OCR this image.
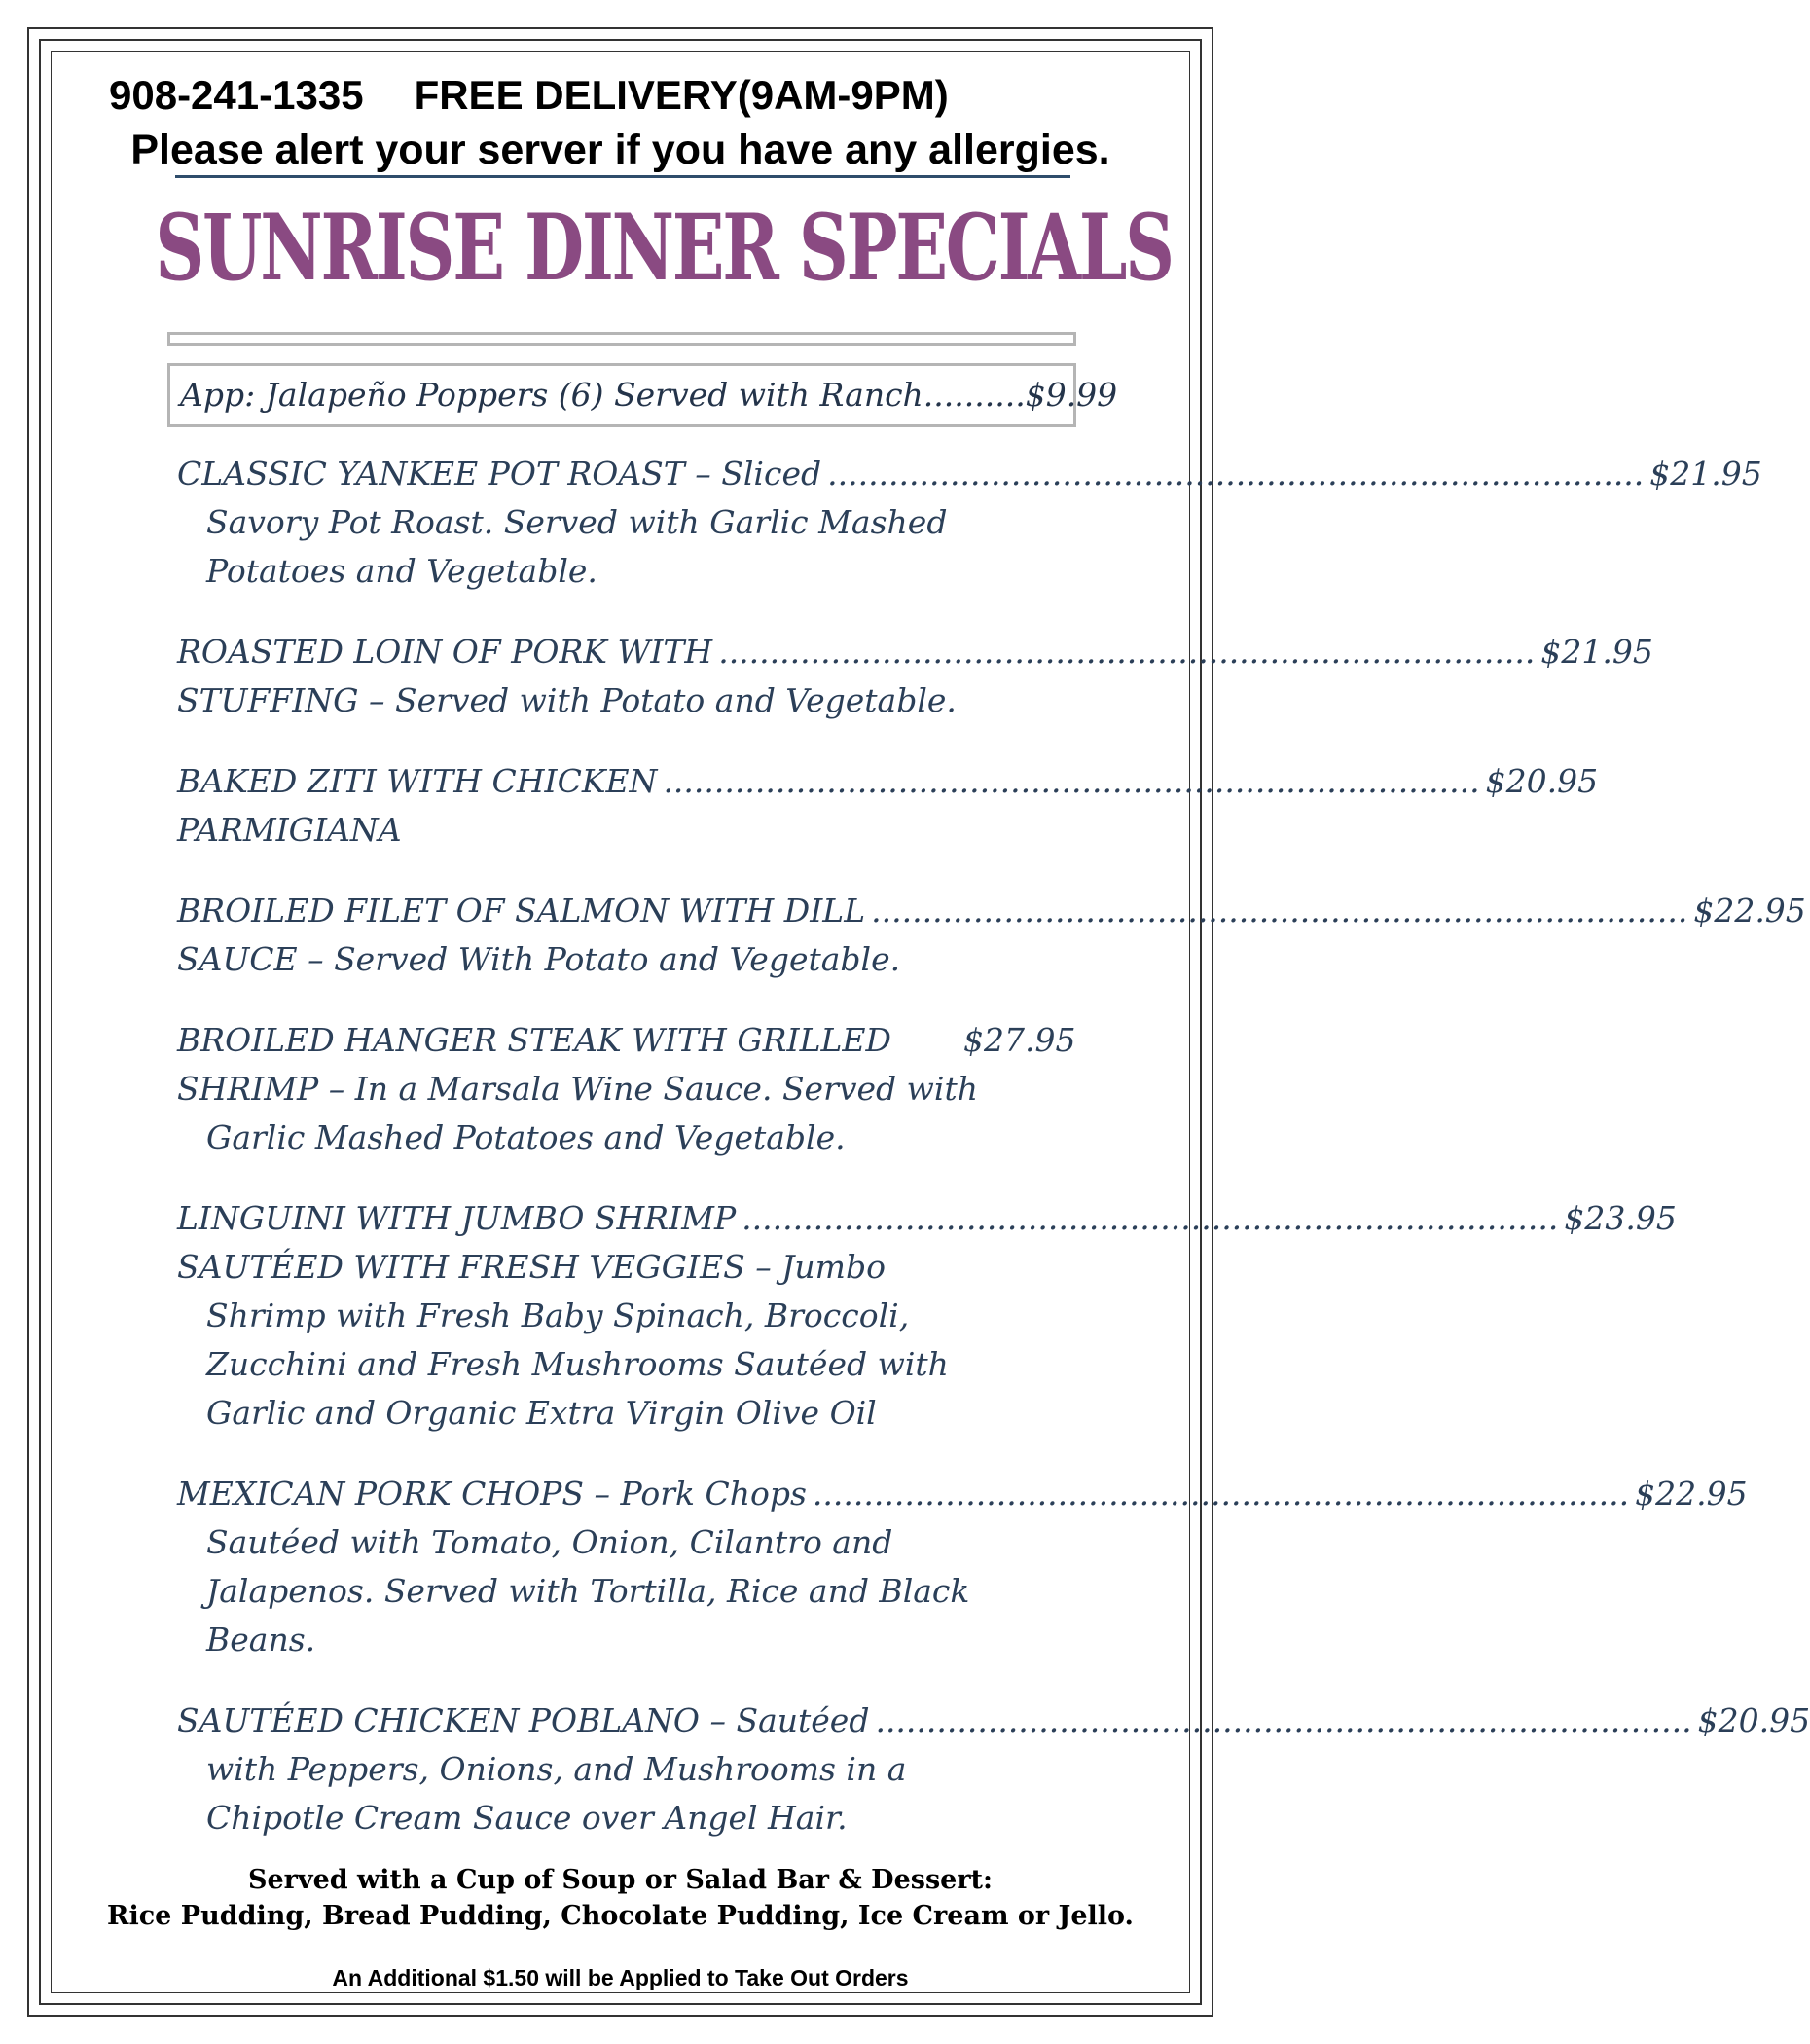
908-241-1335 FREE DELIVERY(9AM-9PM)
Please alert your server if you have any allergies.
SUNRISE DINER SPECIALS
App: Jalapeño Poppers (6) Served with Ranch..........$9.99
CLASSIC YANKEE POT ROAST – Sliced ................................................................................ $21.95
Savory Pot Roast. Served with Garlic Mashed
Potatoes and Vegetable.
ROASTED LOIN OF PORK WITH ................................................................................ $21.95
STUFFING – Served with Potato and Vegetable.
BAKED ZITI WITH CHICKEN ................................................................................ $20.95
PARMIGIANA
BROILED FILET OF SALMON WITH DILL ................................................................................ $22.95
SAUCE – Served With Potato and Vegetable.
BROILED HANGER STEAK WITH GRILLED $27.95
SHRIMP – In a Marsala Wine Sauce. Served with
Garlic Mashed Potatoes and Vegetable.
LINGUINI WITH JUMBO SHRIMP ................................................................................ $23.95
SAUTÉED WITH FRESH VEGGIES – Jumbo
Shrimp with Fresh Baby Spinach, Broccoli,
Zucchini and Fresh Mushrooms Sautéed with
Garlic and Organic Extra Virgin Olive Oil
MEXICAN PORK CHOPS – Pork Chops ................................................................................ $22.95
Sautéed with Tomato, Onion, Cilantro and
Jalapenos. Served with Tortilla, Rice and Black
Beans.
SAUTÉED CHICKEN POBLANO – Sautéed ................................................................................ $20.95
with Peppers, Onions, and Mushrooms in a
Chipotle Cream Sauce over Angel Hair.
Served with a Cup of Soup or Salad Bar & Dessert:
Rice Pudding, Bread Pudding, Chocolate Pudding, Ice Cream or Jello.
An Additional $1.50 will be Applied to Take Out Orders
